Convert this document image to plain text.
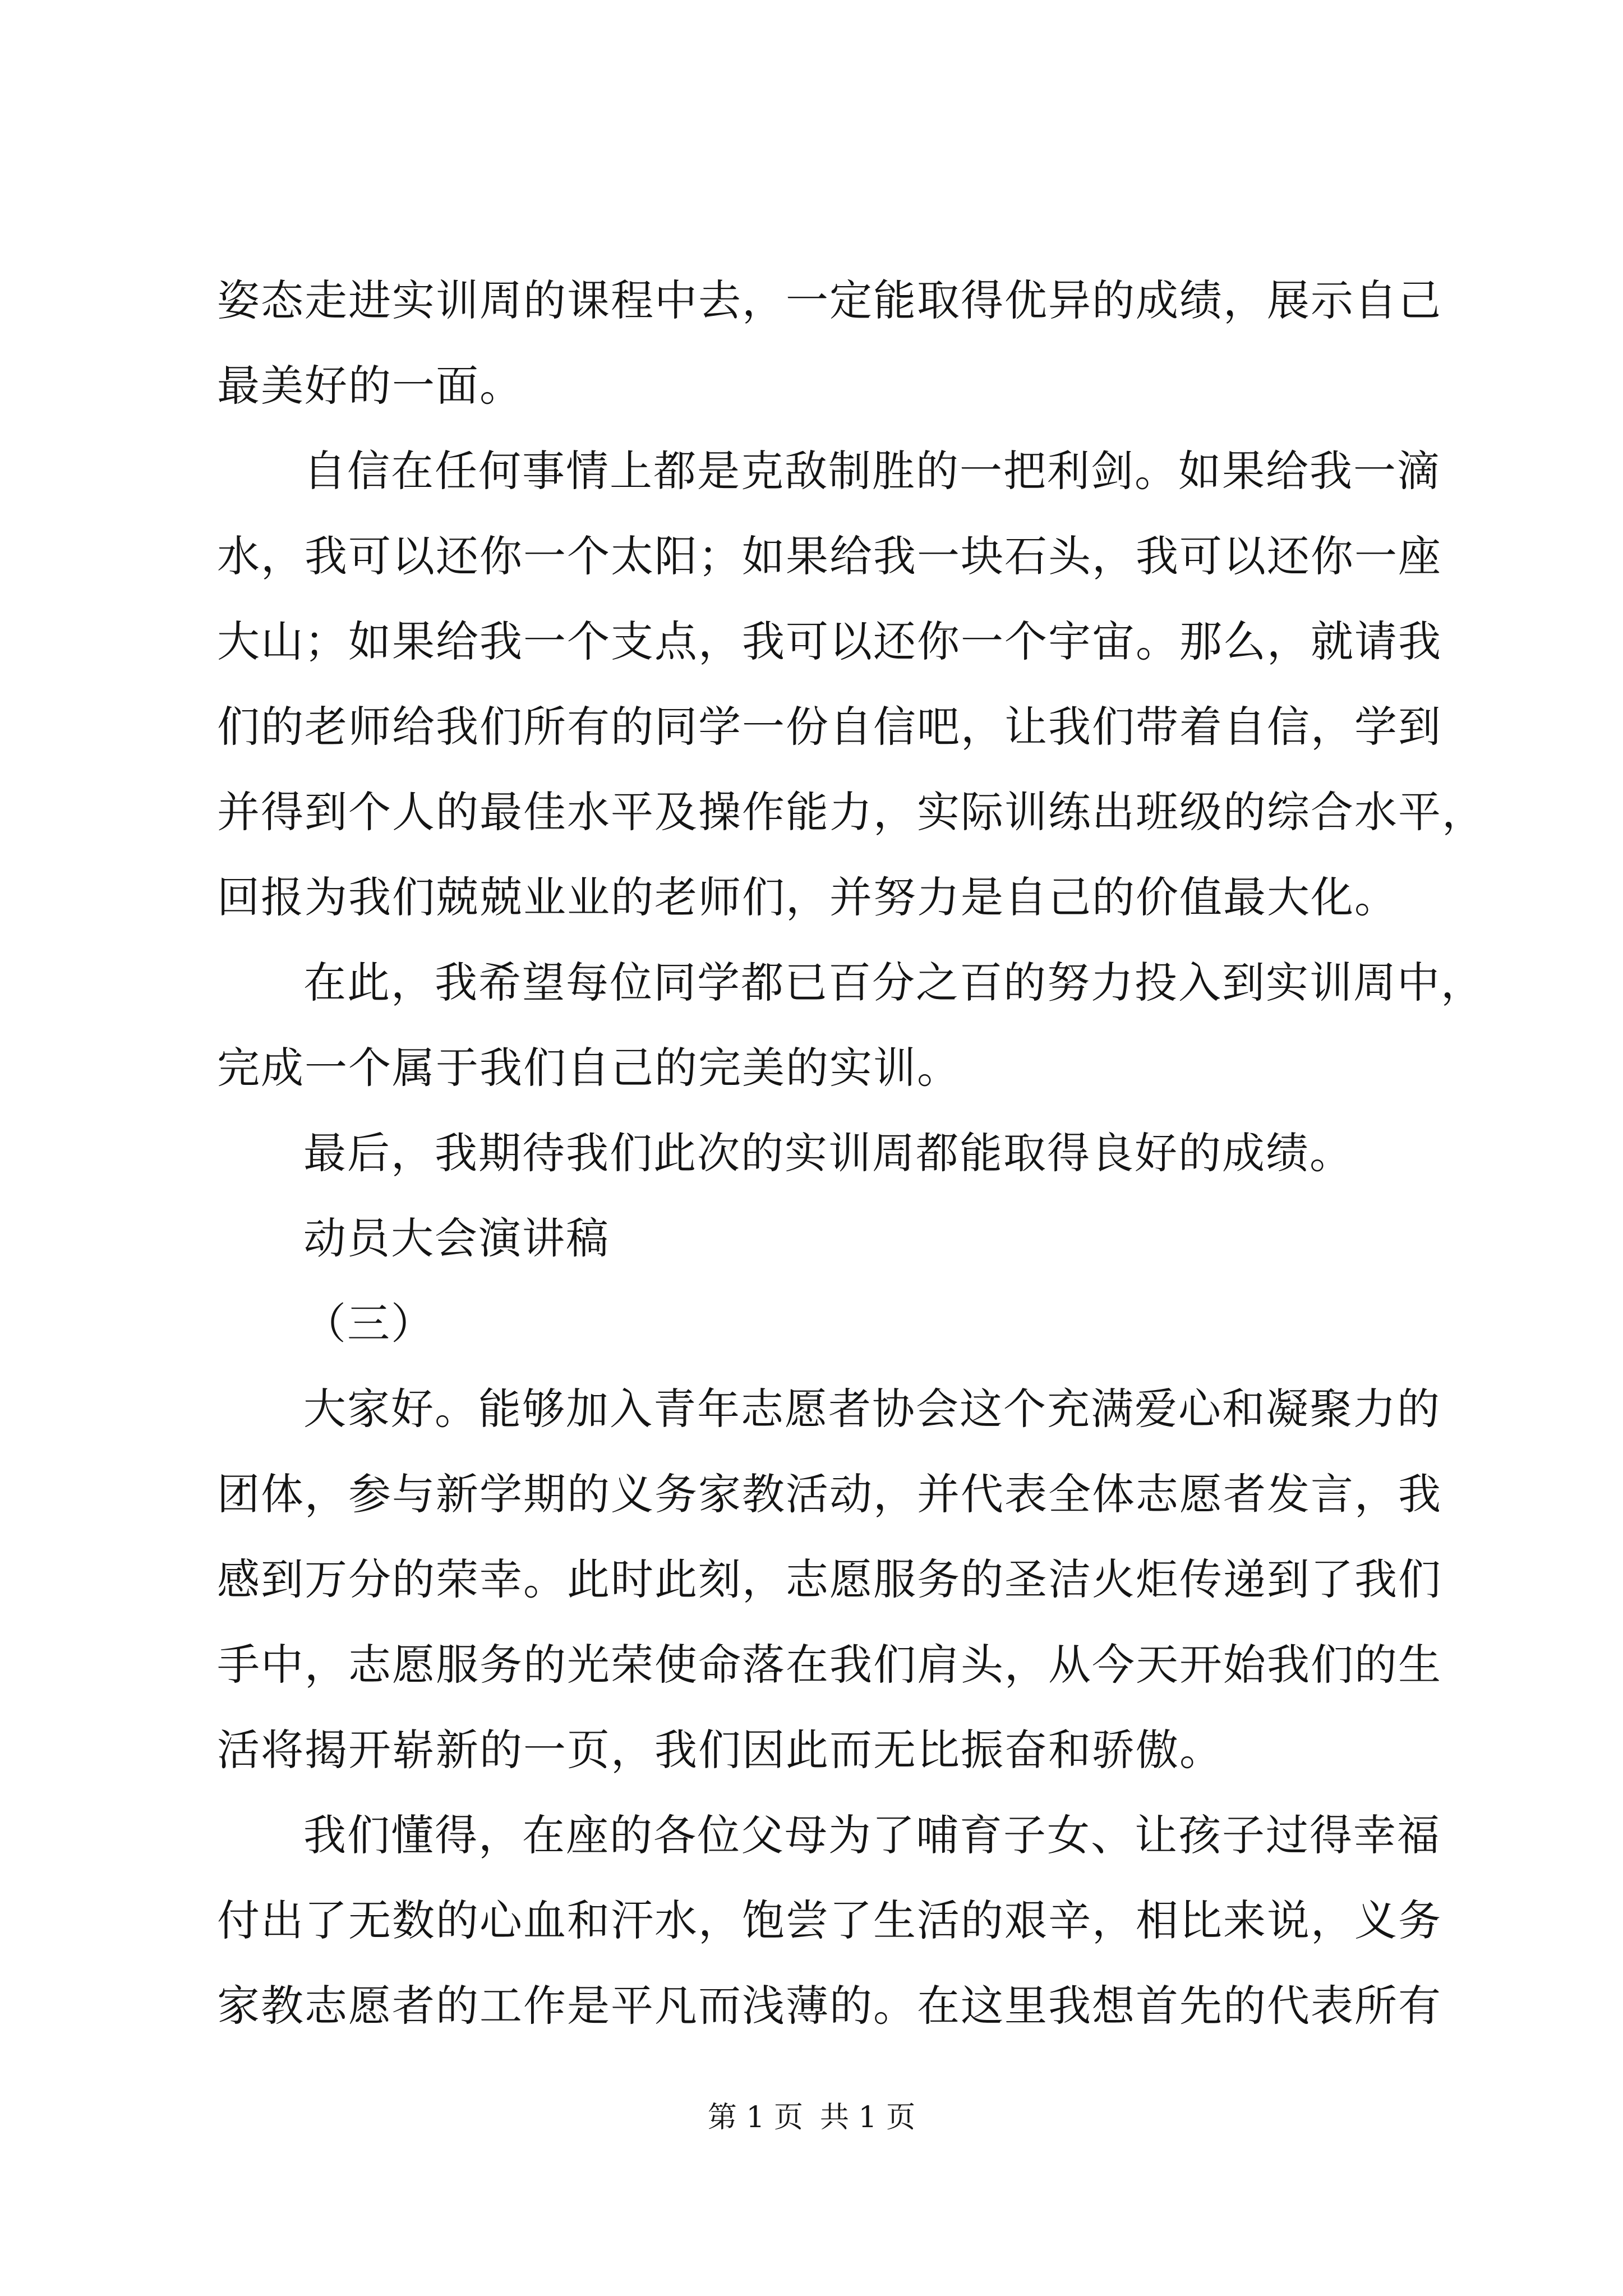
姿态走进实训周的课程中去，一定能取得优异的成绩，展示自己
最美好的一面。
自信在任何事情上都是克敌制胜的一把利剑。如果给我一滴
水，我可以还你一个太阳；如果给我一块石头，我可以还你一座
大山；如果给我一个支点，我可以还你一个宇宙。那么，就请我
们的老师给我们所有的同学一份自信吧，让我们带着自信，学到
并得到个人的最佳水平及操作能力，实际训练出班级的综合水平，
回报为我们兢兢业业的老师们，并努力是自己的价值最大化。
在此，我希望每位同学都已百分之百的努力投入到实训周中，
完成一个属于我们自己的完美的实训。
最后，我期待我们此次的实训周都能取得良好的成绩。
动员大会演讲稿
（三）
大家好。能够加入青年志愿者协会这个充满爱心和凝聚力的
团体，参与新学期的义务家教活动，并代表全体志愿者发言，我
感到万分的荣幸。此时此刻，志愿服务的圣洁火炬传递到了我们
手中，志愿服务的光荣使命落在我们肩头，从今天开始我们的生
活将揭开崭新的一页，我们因此而无比振奋和骄傲。
我们懂得，在座的各位父母为了哺育子女、让孩子过得幸福
付出了无数的心血和汗水，饱尝了生活的艰辛，相比来说，义务
家教志愿者的工作是平凡而浅薄的。在这里我想首先的代表所有
第 1 页 共 1 页
